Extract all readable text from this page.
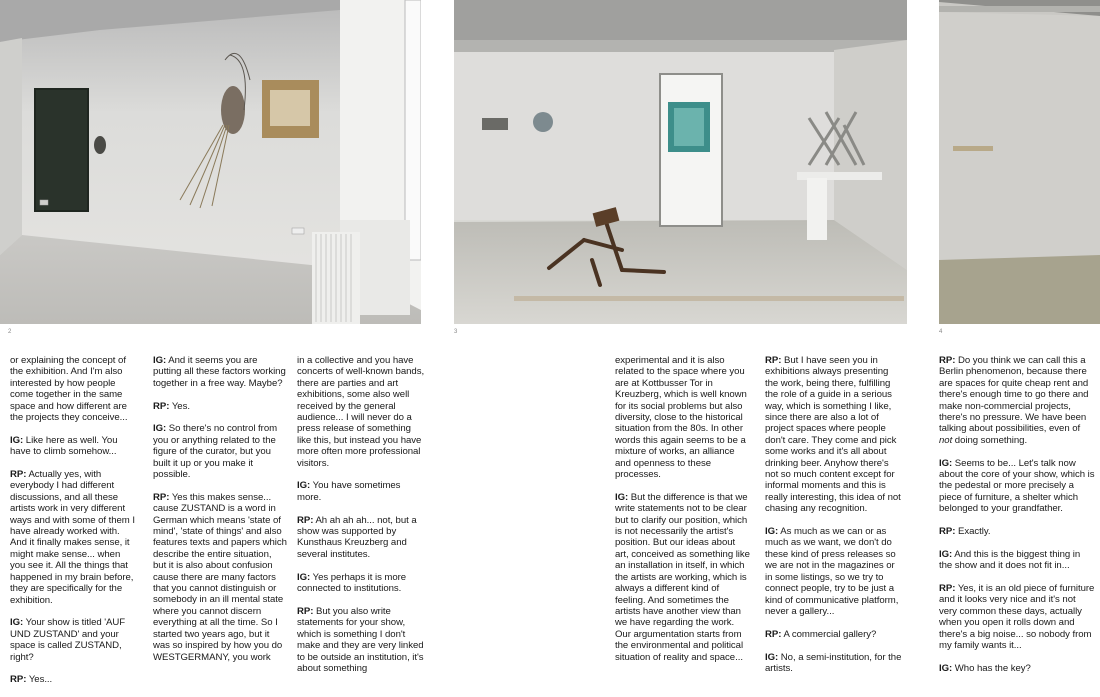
2	3	4

or explaining the concept of the exhibition. And I'm also interested by how people come together in the same space and how different are the projects they conceive...

IG: Like here as well. You have to climb somehow...

RP: Actually yes, with everybody I had different discussions, and all these artists work in very different ways and with some of them I have already worked with. And it finally makes sense, it might make sense... when you see it. All the things that happened in my brain before, they are specifically for the exhibition.

IG: Your show is titled 'AUF UND ZUSTAND' and your space is called ZUSTAND, right?

RP: Yes...

IG: And it seems you are putting all these factors working together in a free way. Maybe?

RP: Yes.

IG: So there's no control from you or anything related to the figure of the curator, but you built it up or you make it possible.

RP: Yes this makes sense... cause ZUSTAND is a word in German which means 'state of mind', 'state of things' and also features texts and papers which describe the entire situation, but it is also about confusion cause there are many factors that you cannot distinguish or somebody in an ill mental state where you cannot discern everything at all the time. So I started two years ago, but it was so inspired by how you do WESTGERMANY, you work

in a collective and you have concerts of well-known bands, there are parties and art exhibitions, some also well received by the general audience... I will never do a press release of something like this, but instead you have more often more professional visitors.

IG: You have sometimes more.

RP: Ah ah ah ah... not, but a show was supported by Kunsthaus Kreuzberg and several institutes.

IG: Yes perhaps it is more connected to institutions.

RP: But you also write statements for your show, which is something I don't make and they are very linked to be outside an institution, it's about something

experimental and it is also related to the space where you are at Kottbusser Tor in Kreuzberg, which is well known for its social problems but also diversity, close to the historical situation from the 80s. In other words this again seems to be a mixture of works, an alliance and openness to these processes.

IG: But the difference is that we write statements not to be clear but to clarify our position, which is not necessarily the artist's position. But our ideas about art, conceived as something like an installation in itself, in which the artists are working, which is always a different kind of feeling. And sometimes the artists have another view than we have regarding the work. Our argumentation starts from the environmental and political situation of reality and space...

RP: But I have seen you in exhibitions always presenting the work, being there, fulfilling the role of a guide in a serious way, which is something I like, since there are also a lot of project spaces where people don't care. They come and pick some works and it's all about drinking beer. Anyhow there's not so much content except for informal moments and this is really interesting, this idea of not chasing any recognition.

IG: As much as we can or as much as we want, we don't do these kind of press releases so we are not in the magazines or in some listings, so we try to connect people, try to be just a kind of communicative platform, never a gallery...

RP: A commercial gallery?

IG: No, a semi-institution, for the artists.

RP: Do you think we can call this a Berlin phenomenon, because there are spaces for quite cheap rent and there's enough time to go there and make non-commercial projects, there's no pressure. We have been talking about possibilities, even of not doing something.

IG: Seems to be... Let's talk now about the core of your show, which is the pedestal or more precisely a piece of furniture, a shelter which belonged to your grandfather.

RP: Exactly.

IG: And this is the biggest thing in the show and it does not fit in...

RP: Yes, it is an old piece of furniture and it looks very nice and it's not very common these days, actually when you open it rolls down and there's a big noise... so nobody from my family wants it...

IG: Who has the key?
